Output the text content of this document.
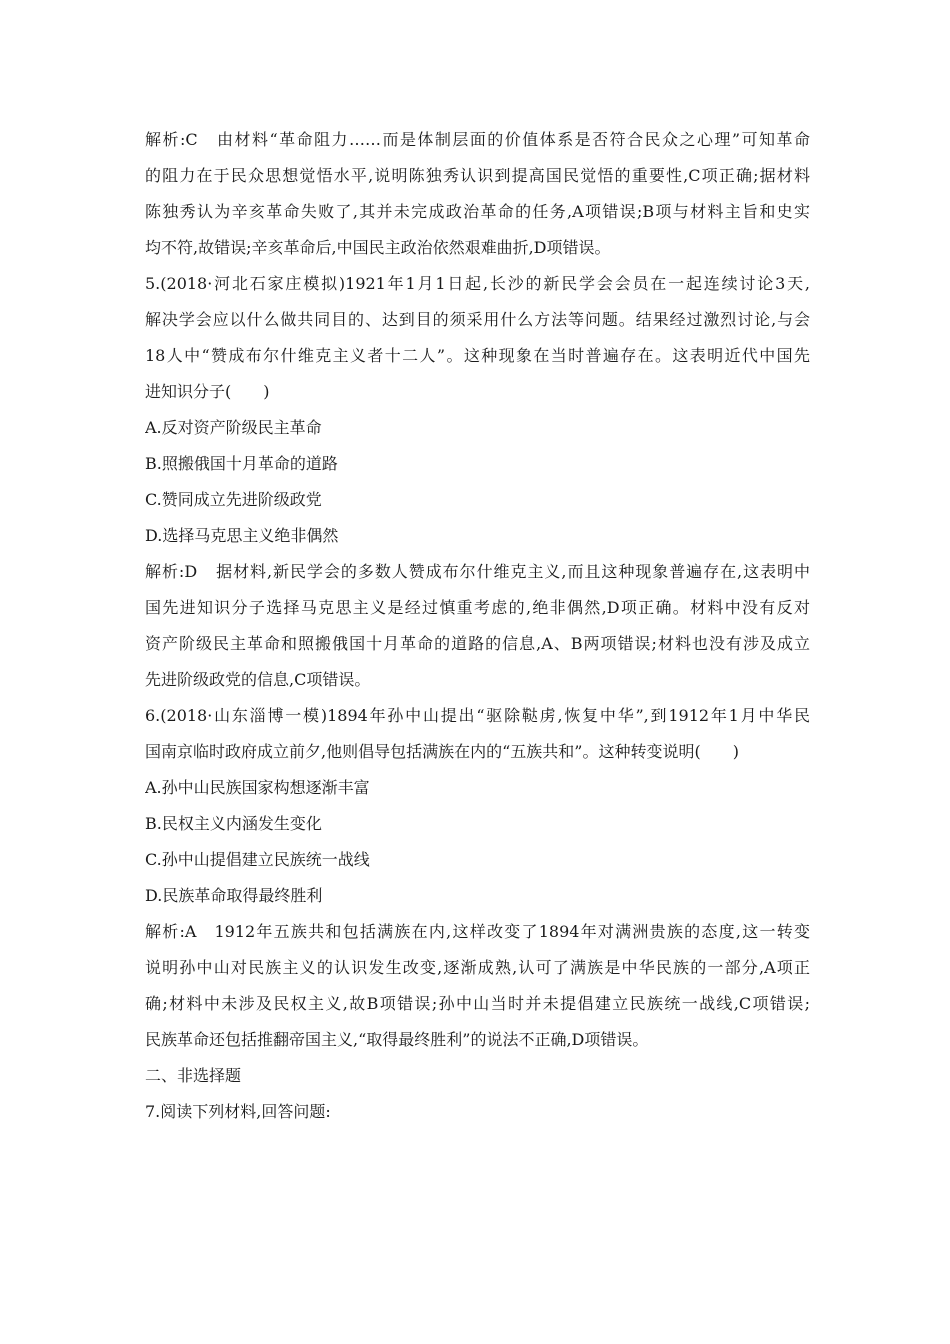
解析:C 由材料“革命阻力……而是体制层面的价值体系是否符合民众之心理”可知革命
的阻力在于民众思想觉悟水平,说明陈独秀认识到提高国民觉悟的重要性,C项正确;据材料
陈独秀认为辛亥革命失败了,其并未完成政治革命的任务,A项错误;B项与材料主旨和史实
均不符,故错误;辛亥革命后,中国民主政治依然艰难曲折,D项错误。
5.(2018·河北石家庄模拟)1921年1月1日起,长沙的新民学会会员在一起连续讨论3天,
解决学会应以什么做共同目的、达到目的须采用什么方法等问题。结果经过激烈讨论,与会
18人中“赞成布尔什维克主义者十二人”。这种现象在当时普遍存在。这表明近代中国先
进知识分子(　　)
A.反对资产阶级民主革命
B.照搬俄国十月革命的道路
C.赞同成立先进阶级政党
D.选择马克思主义绝非偶然
解析:D 据材料,新民学会的多数人赞成布尔什维克主义,而且这种现象普遍存在,这表明中
国先进知识分子选择马克思主义是经过慎重考虑的,绝非偶然,D项正确。材料中没有反对
资产阶级民主革命和照搬俄国十月革命的道路的信息,A、B两项错误;材料也没有涉及成立
先进阶级政党的信息,C项错误。
6.(2018·山东淄博一模)1894年孙中山提出“驱除鞑虏,恢复中华”,到1912年1月中华民
国南京临时政府成立前夕,他则倡导包括满族在内的“五族共和”。这种转变说明(　　)
A.孙中山民族国家构想逐渐丰富
B.民权主义内涵发生变化
C.孙中山提倡建立民族统一战线
D.民族革命取得最终胜利
解析:A 1912年五族共和包括满族在内,这样改变了1894年对满洲贵族的态度,这一转变
说明孙中山对民族主义的认识发生改变,逐渐成熟,认可了满族是中华民族的一部分,A项正
确;材料中未涉及民权主义,故B项错误;孙中山当时并未提倡建立民族统一战线,C项错误;
民族革命还包括推翻帝国主义,“取得最终胜利”的说法不正确,D项错误。
二、非选择题
7.阅读下列材料,回答问题:
